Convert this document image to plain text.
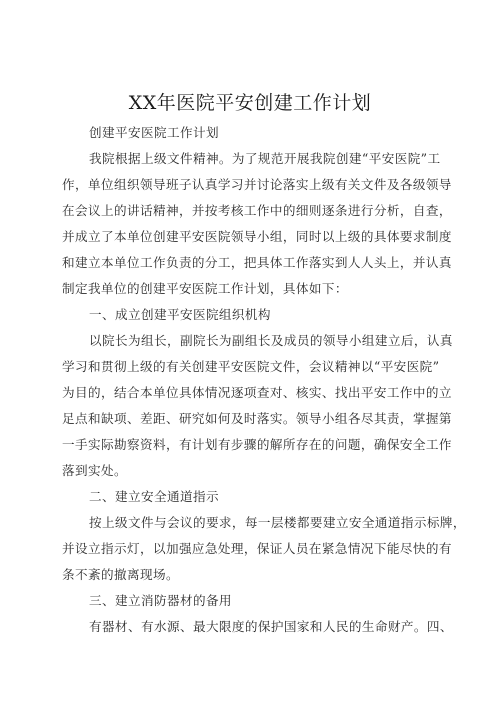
XX年医院平安创建工作计划
创建平安医院工作计划
我院根据上级文件精神。为了规范开展我院创建“平安医院”工
作，单位组织领导班子认真学习并讨论落实上级有关文件及各级领导
在会议上的讲话精神，并按考核工作中的细则逐条进行分析，自查，
并成立了本单位创建平安医院领导小组，同时以上级的具体要求制度
和建立本单位工作负责的分工，把具体工作落实到人人头上，并认真
制定我单位的创建平安医院工作计划，具体如下：
一、成立创建平安医院组织机构
以院长为组长，副院长为副组长及成员的领导小组建立后，认真
学习和贯彻上级的有关创建平安医院文件，会议精神以“平安医院”
为目的，结合本单位具体情况逐项查对、核实、找出平安工作中的立
足点和缺项、差距、研究如何及时落实。领导小组各尽其责，掌握第
一手实际勘察资料，有计划有步骤的解所存在的问题，确保安全工作
落到实处。
二、建立安全通道指示
按上级文件与会议的要求，每一层楼都要建立安全通道指示标牌，
并设立指示灯，以加强应急处理，保证人员在紧急情况下能尽快的有
条不紊的撤离现场。
三、建立消防器材的备用
有器材、有水源、最大限度的保护国家和人民的生命财产。四、
